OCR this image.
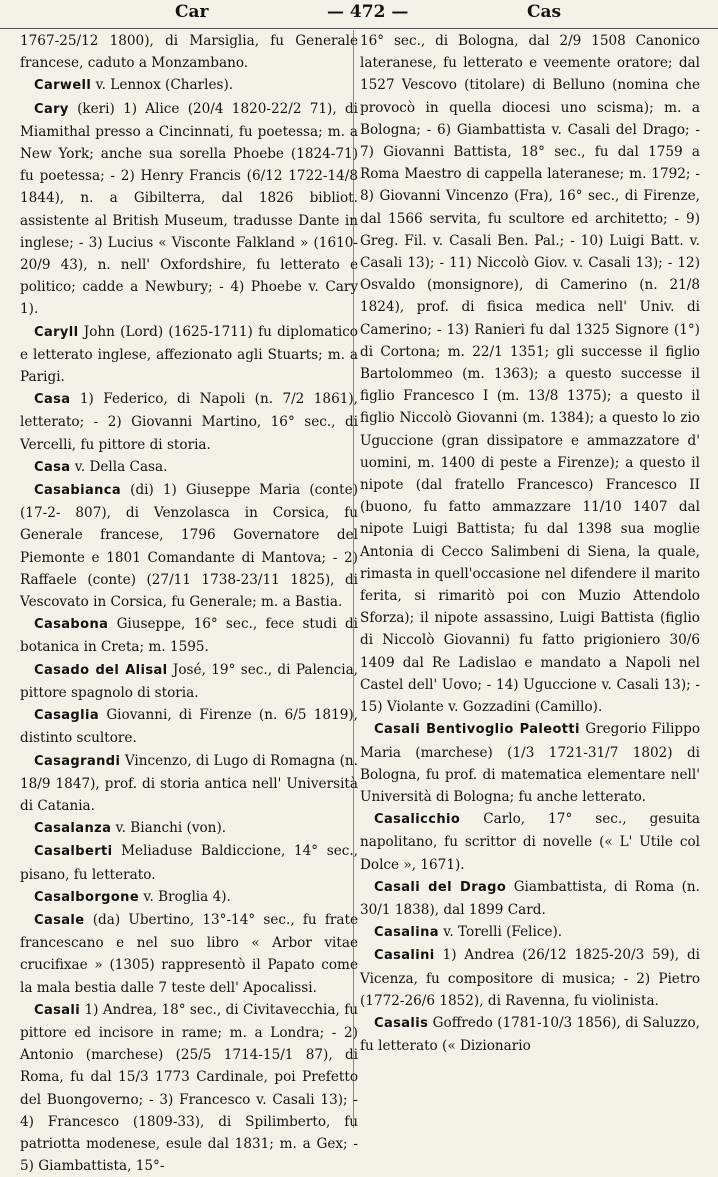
Car	— 472 —	Cas

1767-25/12 1800), di Marsiglia, fu Generale francese, caduto a Monzambano.

Carwell v. Lennox (Charles).

Cary (keri) 1) Alice (20/4 1820-22/2 71), di Miamithal presso a Cincinnati, fu poetessa; m. a New York; anche sua sorella Phoebe (1824-71) fu poetessa; - 2) Henry Francis (6/12 1722-14/8 1844), n. a Gibilterra, dal 1826 bibliot. assistente al British Museum, tradusse Dante in inglese; - 3) Lucius « Visconte Falkland » (1610-20/9 43), n. nell' Oxfordshire, fu letterato e politico; cadde a Newbury; - 4) Phoebe v. Cary 1).

Caryll John (Lord) (1625-1711) fu diplomatico e letterato inglese, affezionato agli Stuarts; m. a Parigi.

Casa 1) Federico, di Napoli (n. 7/2 1861), letterato; - 2) Giovanni Martino, 16° sec., di Vercelli, fu pittore di storia.

Casa v. Della Casa.

Casabianca (di) 1) Giuseppe Maria (conte) (17-2- 807), di Venzolasca in Corsica, fu Generale francese, 1796 Governatore del Piemonte e 1801 Comandante di Mantova; - 2) Raffaele (conte) (27/11 1738-23/11 1825), di Vescovato in Corsica, fu Generale; m. a Bastia.

Casabona Giuseppe, 16° sec., fece studi di botanica in Creta; m. 1595.

Casado del Alisal José, 19° sec., di Palencia, pittore spagnolo di storia.

Casaglia Giovanni, di Firenze (n. 6/5 1819), distinto scultore.

Casagrandi Vincenzo, di Lugo di Romagna (n. 18/9 1847), prof. di storia antica nell' Università di Catania.

Casalanza v. Bianchi (von).

Casalberti Meliaduse Baldiccione, 14° sec., pisano, fu letterato.

Casalborgone v. Broglia 4).

Casale (da) Ubertino, 13°-14° sec., fu frate francescano e nel suo libro « Arbor vitae crucifixae » (1305) rappresentò il Papato come la mala bestia dalle 7 teste dell' Apocalissi.

Casali 1) Andrea, 18° sec., di Civitavecchia, fu pittore ed incisore in rame; m. a Londra; - 2) Antonio (marchese) (25/5 1714-15/1 87), di Roma, fu dal 15/3 1773 Cardinale, poi Prefetto del Buongoverno; - 3) Francesco v. Casali 13); - 4) Francesco (1809-33), di Spilimberto, fu patriotta modenese, esule dal 1831; m. a Gex; - 5) Giambattista, 15°-

16° sec., di Bologna, dal 2/9 1508 Canonico lateranese, fu letterato e veemente oratore; dal 1527 Vescovo (titolare) di Belluno (nomina che provocò in quella diocesi uno scisma); m. a Bologna; - 6) Giambattista v. Casali del Drago; - 7) Giovanni Battista, 18° sec., fu dal 1759 a Roma Maestro di cappella lateranese; m. 1792; - 8) Giovanni Vincenzo (Fra), 16° sec., di Firenze, dal 1566 servita, fu scultore ed architetto; - 9) Greg. Fil. v. Casali Ben. Pal.; - 10) Luigi Batt. v. Casali 13); - 11) Niccolò Giov. v. Casali 13); - 12) Osvaldo (monsignore), di Camerino (n. 21/8 1824), prof. di fisica medica nell' Univ. di Camerino; - 13) Ranieri fu dal 1325 Signore (1°) di Cortona; m. 22/1 1351; gli successe il figlio Bartolommeo (m. 1363); a questo successe il figlio Francesco I (m. 13/8 1375); a questo il figlio Niccolò Giovanni (m. 1384); a questo lo zio Uguccione (gran dissipatore e ammazzatore d' uomini, m. 1400 di peste a Firenze); a questo il nipote (dal fratello Francesco) Francesco II (buono, fu fatto ammazzare 11/10 1407 dal nipote Luigi Battista; fu dal 1398 sua moglie Antonia di Cecco Salimbeni di Siena, la quale, rimasta in quell'occasione nel difendere il marito ferita, si rimaritò poi con Muzio Attendolo Sforza); il nipote assassino, Luigi Battista (figlio di Niccolò Giovanni) fu fatto prigioniero 30/6 1409 dal Re Ladislao e mandato a Napoli nel Castel dell' Uovo; - 14) Uguccione v. Casali 13); - 15) Violante v. Gozzadini (Camillo).

Casali Bentivoglio Paleotti Gregorio Filippo Maria (marchese) (1/3 1721-31/7 1802) di Bologna, fu prof. di matematica elementare nell' Università di Bologna; fu anche letterato.

Casalicchio Carlo, 17° sec., gesuita napolitano, fu scrittor di novelle (« L' Utile col Dolce », 1671).

Casali del Drago Giambattista, di Roma (n. 30/1 1838), dal 1899 Card.

Casalina v. Torelli (Felice).

Casalini 1) Andrea (26/12 1825-20/3 59), di Vicenza, fu compositore di musica; - 2) Pietro (1772-26/6 1852), di Ravenna, fu violinista.

Casalis Goffredo (1781-10/3 1856), di Saluzzo, fu letterato (« Dizionario
